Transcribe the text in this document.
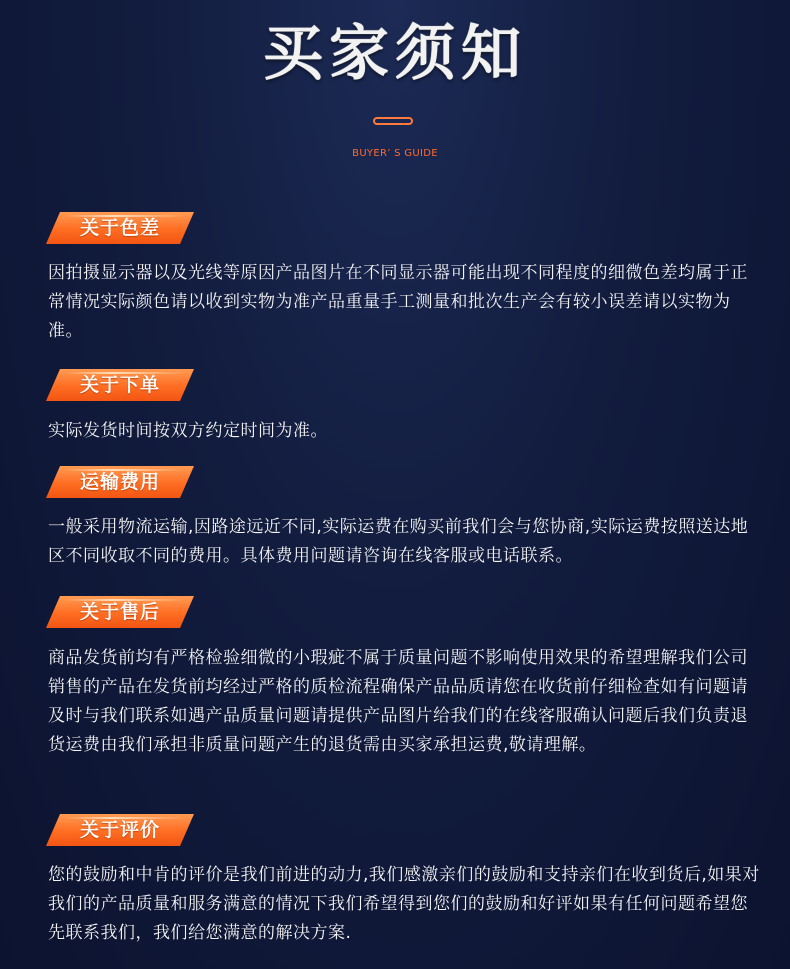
买家须知
BUYER’ S GUIDE
关于色差
因拍摄显示器以及光线等原因产品图片在不同显示器可能出现不同程度的细微色差均属于正常情况实际颜色请以收到实物为准产品重量手工测量和批次生产会有较小误差请以实物为准。
关于下单
实际发货时间按双方约定时间为准。
运输费用
一般采用物流运输,因路途远近不同,实际运费在购买前我们会与您协商,实际运费按照送达地区不同收取不同的费用。具体费用问题请咨询在线客服或电话联系。
关于售后
商品发货前均有严格检验细微的小瑕疵不属于质量问题不影响使用效果的希望理解我们公司销售的产品在发货前均经过严格的质检流程确保产品品质请您在收货前仔细检查如有问题请及时与我们联系如遇产品质量问题请提供产品图片给我们的在线客服确认问题后我们负责退货运费由我们承担非质量问题产生的退货需由买家承担运费,敬请理解。
关于评价
您的鼓励和中肯的评价是我们前进的动力,我们感激亲们的鼓励和支持亲们在收到货后,如果对我们的产品质量和服务满意的情况下我们希望得到您们的鼓励和好评如果有任何问题希望您先联系我们，我们给您满意的解决方案.
